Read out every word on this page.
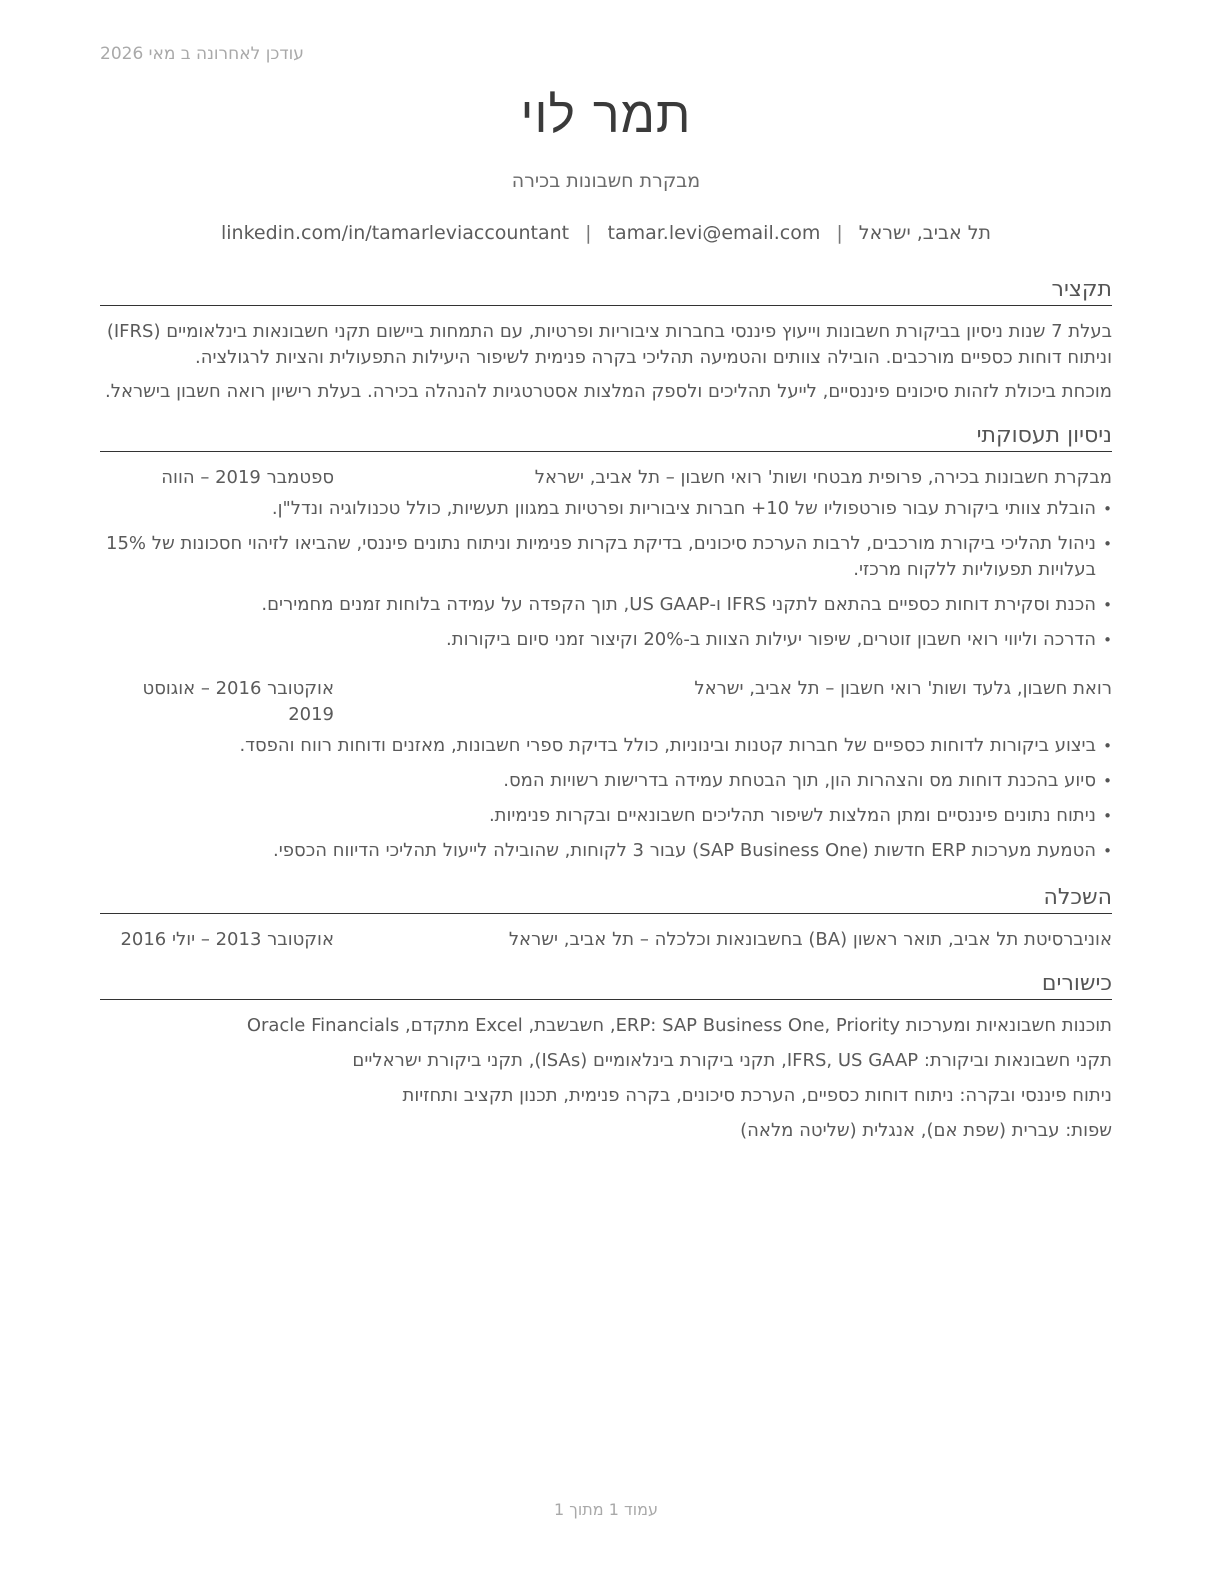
עודכן לאחרונה ב מאי 2026
תמר לוי
מבקרת חשבונות בכירה
תל אביב, ישראל|tamar.levi@email.com|linkedin.com/in/tamarleviaccountant
תקציר
בעלת 7 שנות ניסיון בביקורת חשבונות וייעוץ פיננסי בחברות ציבוריות ופרטיות, עם התמחות ביישום תקני חשבונאות בינלאומיים (IFRS) וניתוח דוחות כספיים מורכבים. הובילה צוותים והטמיעה תהליכי בקרה פנימית לשיפור היעילות התפעולית והציות לרגולציה.
מוכחת ביכולת לזהות סיכונים פיננסיים, לייעל תהליכים ולספק המלצות אסטרטגיות להנהלה בכירה. בעלת רישיון רואה חשבון בישראל.
ניסיון תעסוקתי
מבקרת חשבונות בכירה, פרופית מבטחי ושות' רואי חשבון – תל אביב, ישראל
ספטמבר 2019 – הווה
• הובלת צוותי ביקורת עבור פורטפוליו של 10+ חברות ציבוריות ופרטיות במגוון תעשיות, כולל טכנולוגיה ונדל"ן.
• ניהול תהליכי ביקורת מורכבים, לרבות הערכת סיכונים, בדיקת בקרות פנימיות וניתוח נתונים פיננסי, שהביאו לזיהוי חסכונות של 15% בעלויות תפעוליות ללקוח מרכזי.
• הכנת וסקירת דוחות כספיים בהתאם לתקני IFRS ו-US GAAP, תוך הקפדה על עמידה בלוחות זמנים מחמירים.
• הדרכה וליווי רואי חשבון זוטרים, שיפור יעילות הצוות ב-20% וקיצור זמני סיום ביקורות.
רואת חשבון, גלעד ושות' רואי חשבון – תל אביב, ישראל
אוקטובר 2016 – אוגוסט 2019
• ביצוע ביקורות לדוחות כספיים של חברות קטנות ובינוניות, כולל בדיקת ספרי חשבונות, מאזנים ודוחות רווח והפסד.
• סיוע בהכנת דוחות מס והצהרות הון, תוך הבטחת עמידה בדרישות רשויות המס.
• ניתוח נתונים פיננסיים ומתן המלצות לשיפור תהליכים חשבונאיים ובקרות פנימיות.
• הטמעת מערכות ERP חדשות (SAP Business One) עבור 3 לקוחות, שהובילה לייעול תהליכי הדיווח הכספי.
השכלה
אוניברסיטת תל אביב, תואר ראשון (BA) בחשבונאות וכלכלה – תל אביב, ישראל
אוקטובר 2013 – יולי 2016
כישורים
תוכנות חשבונאיות ומערכות ERP: SAP Business One, Priority, חשבשבת, Excel מתקדם, Oracle Financials
תקני חשבונאות וביקורת: IFRS, US GAAP, תקני ביקורת בינלאומיים (ISAs), תקני ביקורת ישראליים
ניתוח פיננסי ובקרה: ניתוח דוחות כספיים, הערכת סיכונים, בקרה פנימית, תכנון תקציב ותחזיות
שפות: עברית (שפת אם), אנגלית (שליטה מלאה)
עמוד 1 מתוך 1
